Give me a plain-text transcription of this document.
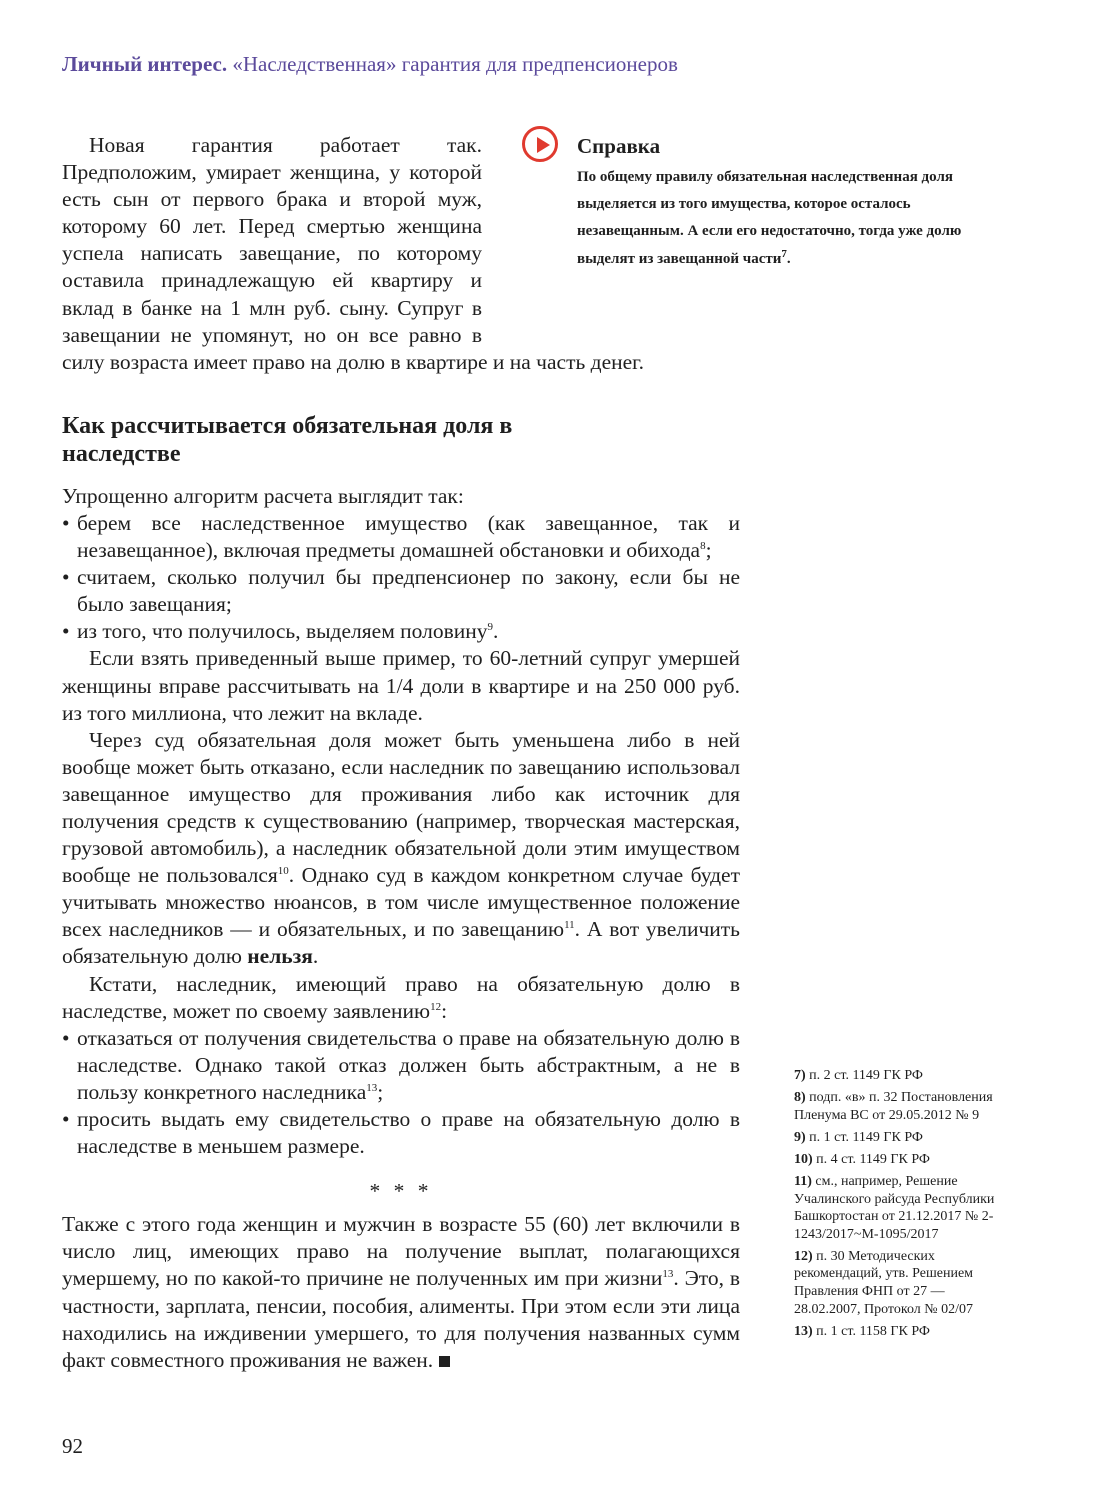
Личный интерес. «Наследственная» гарантия для предпенсионеров
Справка
По общему правилу обязательная наследственная доля выделяется из того имущества, которое осталось незавещанным. А если его недостаточно, тогда уже долю выделят из завещанной части$^7$.

Новая гарантия работает так. Предположим, умирает женщина, у которой есть сын от первого брака и второй муж, которому 60 лет. Перед смертью женщина успела написать завещание, по которому оставила принадлежащую ей квартиру и вклад в банке на 1 млн руб. сыну. Супруг в завещании не упомянут, но он все равно в силу возраста имеет право на долю в квартире и на часть денег.

Как рассчитывается обязательная доля в наследстве

Упрощенно алгоритм расчета выглядит так:

• берем все наследственное имущество (как завещанное, так и незавещанное), включая предметы домашней обстановки и обихода$^8$;
• считаем, сколько получил бы предпенсионер по закону, если бы не было завещания;
• из того, что получилось, выделяем половину$^9$.

Если взять приведенный выше пример, то 60-летний супруг умершей женщины вправе рассчитывать на 1/4 доли в квартире и на 250 000 руб. из того миллиона, что лежит на вкладе.

Через суд обязательная доля может быть уменьшена либо в ней вообще может быть отказано, если наследник по завещанию использовал завещанное имущество для проживания либо как источник для получения средств к существованию (например, творческая мастерская, грузовой автомобиль), а наследник обязательной доли этим имуществом вообще не пользовался$^{10}$. Однако суд в каждом конкретном случае будет учитывать множество нюансов, в том числе имущественное положение всех наследников — и обязательных, и по завещанию$^{11}$. А вот увеличить обязательную долю нельзя.

Кстати, наследник, имеющий право на обязательную долю в наследстве, может по своему заявлению$^{12}$:

• отказаться от получения свидетельства о праве на обязательную долю в наследстве. Однако такой отказ должен быть абстрактным, а не в пользу конкретного наследника$^{13}$;
• просить выдать ему свидетельство о праве на обязательную долю в наследстве в меньшем размере.
* * *

Также с этого года женщин и мужчин в возрасте 55 (60) лет включили в число лиц, имеющих право на получение выплат, полагающихся умершему, но по какой-то причине не полученных им при жизни$^{13}$. Это, в частности, зарплата, пенсии, пособия, алименты. При этом если эти лица находились на иждивении умершего, то для получения названных сумм факт совместного проживания не важен.

7) п. 2 ст. 1149 ГК РФ
8) подп. «в» п. 32 Постановления Пленума ВС от 29.05.2012 № 9
9) п. 1 ст. 1149 ГК РФ
10) п. 4 ст. 1149 ГК РФ
11) см., например, Решение Учалинского райсуда Республики Башкортостан от 21.12.2017 № 2-1243/2017~М-1095/2017
12) п. 30 Методических рекомендаций, утв. Решением Правления ФНП от 27 — 28.02.2007, Протокол № 02/07
13) п. 1 ст. 1158 ГК РФ
92
